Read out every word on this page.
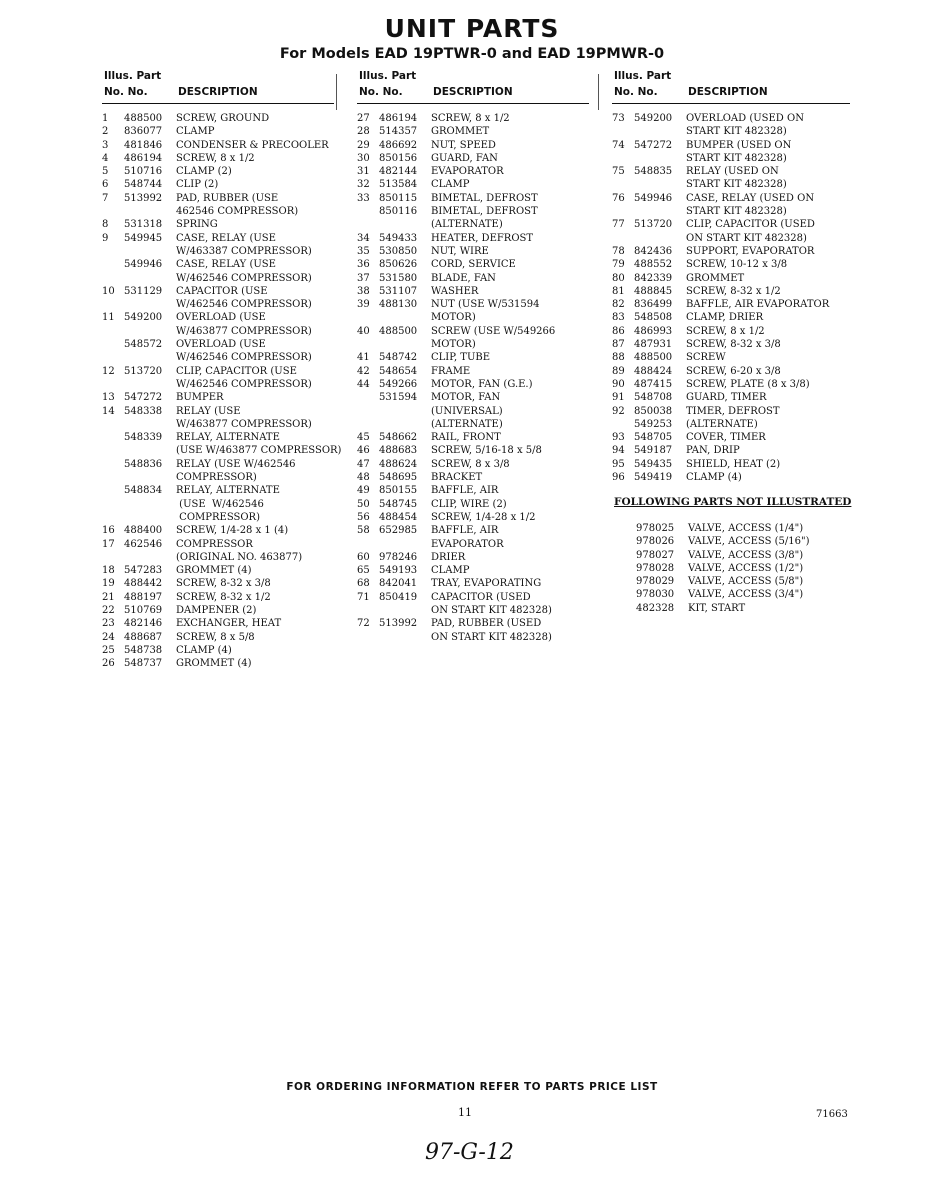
UNIT PARTS
For Models EAD 19PTWR-0 and EAD 19PMWR-0
Illus. Part
No. No.	DESCRIPTION
1	488500	SCREW, GROUND
2	836077	CLAMP
3	481846	CONDENSER & PRECOOLER
4	486194	SCREW, 8 x 1/2
5	510716	CLAMP (2)
6	548744	CLIP (2)
7	513992	PAD, RUBBER (USE
462546 COMPRESSOR)
8	531318	SPRING
9	549945	CASE, RELAY (USE
W/463387 COMPRESSOR)
549946	CASE, RELAY (USE
W/462546 COMPRESSOR)
10 531129	CAPACITOR (USE
W/462546 COMPRESSOR)
11 549200	OVERLOAD (USE
W/463877 COMPRESSOR)
548572	OVERLOAD (USE
W/462546 COMPRESSOR)
12 513720	CLIP, CAPACITOR (USE
W/462546 COMPRESSOR)
13 547272	BUMPER
14 548338	RELAY (USE
W/463877 COMPRESSOR)
548339	RELAY, ALTERNATE
(USE W/463877 COMPRESSOR)
548836	RELAY (USE W/462546
COMPRESSOR)
548834	RELAY, ALTERNATE
(USE  W/462546
COMPRESSOR)
16 488400	SCREW, 1/4-28 x 1 (4)
17 462546	COMPRESSOR
(ORIGINAL NO. 463877)
18 547283	GROMMET (4)
19 488442	SCREW, 8-32 x 3/8
21 488197	SCREW, 8-32 x 1/2
22 510769	DAMPENER (2)
23 482146	EXCHANGER, HEAT
24 488687	SCREW, 8 x 5/8
25 548738	CLAMP (4)
26 548737	GROMMET (4)
Illus. Part
No. No.	DESCRIPTION
27 486194	SCREW, 8 x 1/2
28 514357	GROMMET
29 486692	NUT, SPEED
30 850156	GUARD, FAN
31 482144	EVAPORATOR
32 513584	CLAMP
33 850115	BIMETAL, DEFROST
850116	BIMETAL, DEFROST
(ALTERNATE)
34 549433	HEATER, DEFROST
35 530850	NUT, WIRE
36 850626	CORD, SERVICE
37 531580	BLADE, FAN
38 531107	WASHER
39 488130	NUT (USE W/531594
MOTOR)
40 488500	SCREW (USE W/549266
MOTOR)
41 548742	CLIP, TUBE
42 548654	FRAME
44 549266	MOTOR, FAN (G.E.)
531594	MOTOR, FAN
(UNIVERSAL)
(ALTERNATE)
45 548662	RAIL, FRONT
46 488683	SCREW, 5/16-18 x 5/8
47 488624	SCREW, 8 x 3/8
48 548695	BRACKET
49 850155	BAFFLE, AIR
50 548745	CLIP, WIRE (2)
56 488454	SCREW, 1/4-28 x 1/2
58 652985	BAFFLE, AIR
EVAPORATOR
60 978246	DRIER
65 549193	CLAMP
68 842041	TRAY, EVAPORATING
71 850419	CAPACITOR (USED
ON START KIT 482328)
72 513992	PAD, RUBBER (USED
ON START KIT 482328)
Illus. Part
No. No.	DESCRIPTION
73 549200	OVERLOAD (USED ON
START KIT 482328)
74 547272	BUMPER (USED ON
START KIT 482328)
75 548835	RELAY (USED ON
START KIT 482328)
76 549946	CASE, RELAY (USED ON
START KIT 482328)
77 513720	CLIP, CAPACITOR (USED
ON START KIT 482328)
78 842436	SUPPORT, EVAPORATOR
79 488552	SCREW, 10-12 x 3/8
80 842339	GROMMET
81 488845	SCREW, 8-32 x 1/2
82 836499	BAFFLE, AIR EVAPORATOR
83 548508	CLAMP, DRIER
86 486993	SCREW, 8 x 1/2
87 487931	SCREW, 8-32 x 3/8
88 488500	SCREW
89 488424	SCREW, 6-20 x 3/8
90 487415	SCREW, PLATE (8 x 3/8)
91 548708	GUARD, TIMER
92 850038	TIMER, DEFROST
549253	(ALTERNATE)
93 548705	COVER, TIMER
94 549187	PAN, DRIP
95 549435	SHIELD, HEAT (2)
96 549419	CLAMP (4)
FOLLOWING PARTS NOT ILLUSTRATED
978025	VALVE, ACCESS (1/4")
978026	VALVE, ACCESS (5/16")
978027	VALVE, ACCESS (3/8")
978028	VALVE, ACCESS (1/2")
978029	VALVE, ACCESS (5/8")
978030	VALVE, ACCESS (3/4")
482328	KIT, START
FOR ORDERING INFORMATION REFER TO PARTS PRICE LIST
11	71663
97-G-12
